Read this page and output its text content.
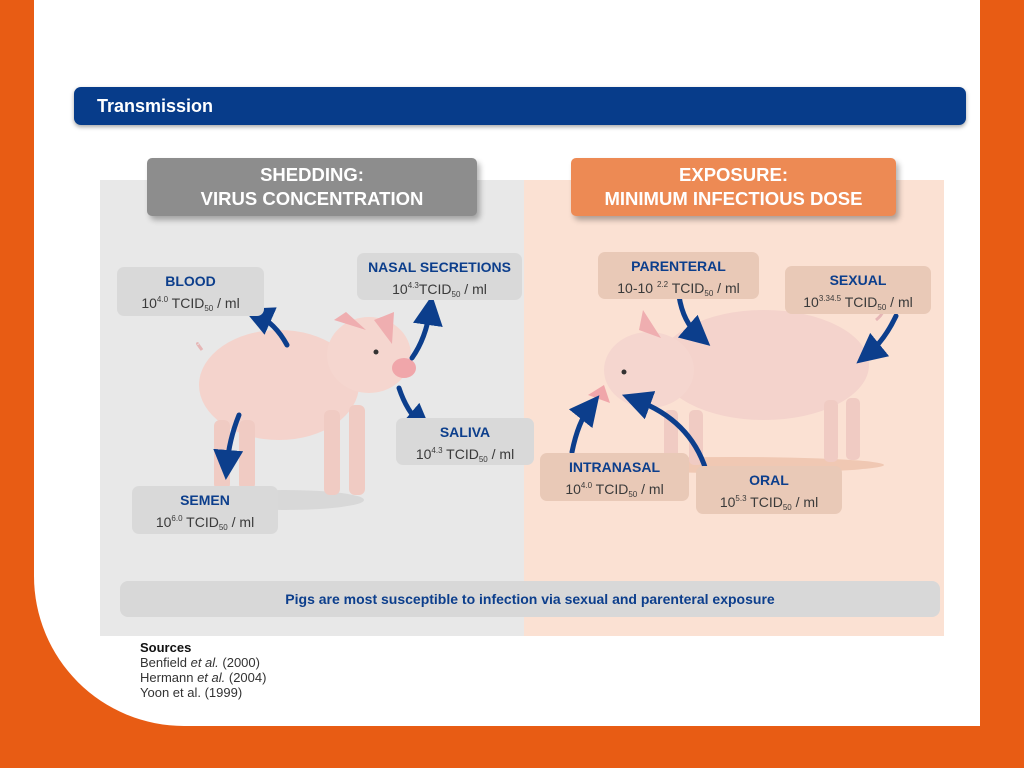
Transmission
SHEDDING:
VIRUS CONCENTRATION
EXPOSURE:
MINIMUM INFECTIOUS DOSE
BLOOD
$10^{4.0}$ $TCID_{50}$ / ml
NASAL SECRETIONS
$10^{4.3}TCID_{50}$ / ml
SALIVA
$10^{4.3}$ $TCID_{50}$ / ml
SEMEN
$10^{6.0}$ $TCID_{50}$ / ml
PARENTERAL
10-10 $^{2.2}$ $TCID_{50}$ / ml	SEXUAL
$10^{3.34.5}$ $TCID_{50}$ / ml
INTRANASAL
$10^{4.0}$ $TCID_{50}$ / ml
ORAL
$10^{5.3}$ $TCID_{50}$ / ml
Pigs are most susceptible to infection via sexual and parenteral exposure
Sources
Benfield et al. (2000)
Hermann et al. (2004)
Yoon et al. (1999)
